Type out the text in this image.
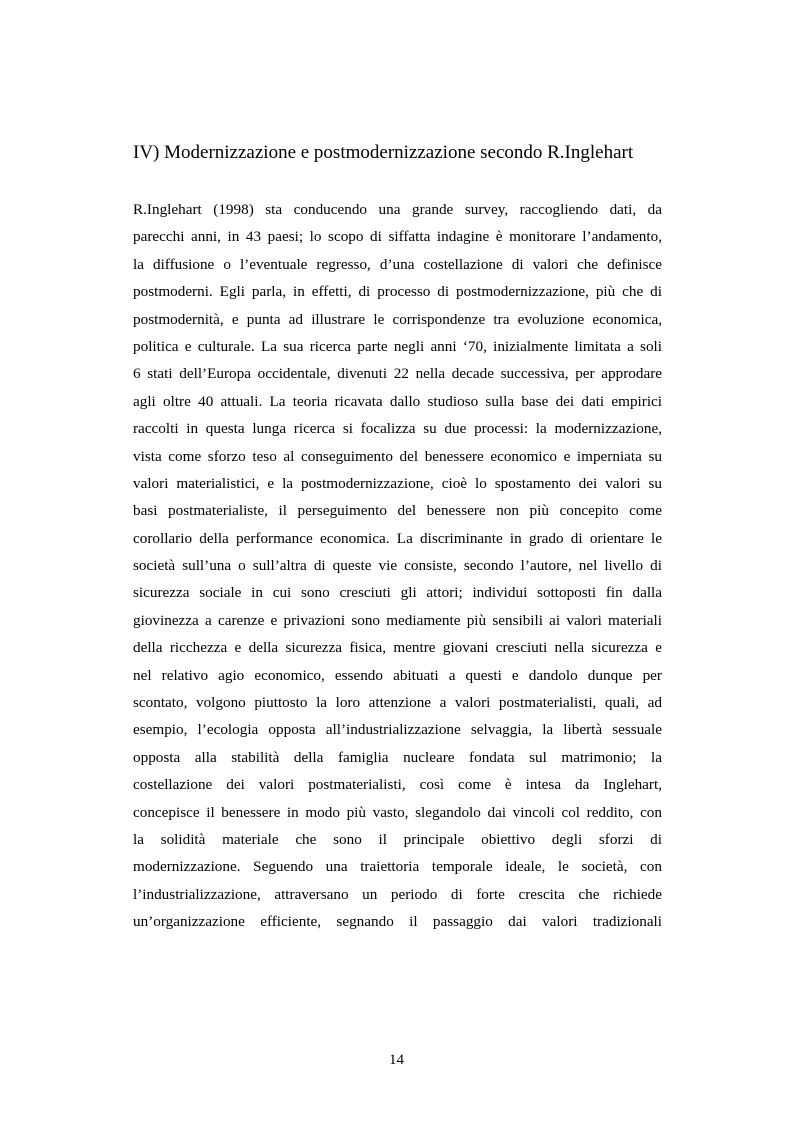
IV) Modernizzazione e postmodernizzazione secondo R.Inglehart
R.Inglehart (1998) sta conducendo una grande survey, raccogliendo dati, da
parecchi anni, in 43 paesi; lo scopo di siffatta indagine è monitorare l’andamento,
la diffusione o l’eventuale regresso, d’una costellazione di valori che definisce
postmoderni. Egli parla, in effetti, di processo di postmodernizzazione, più che di
postmodernità, e punta ad illustrare le corrispondenze tra evoluzione economica,
politica e culturale. La sua ricerca parte negli anni ‘70, inizialmente limitata a soli
6 stati dell’Europa occidentale, divenuti 22 nella decade successiva, per approdare
agli oltre 40 attuali. La teoria ricavata dallo studioso sulla base dei dati empirici
raccolti in questa lunga ricerca si focalizza su due processi: la modernizzazione,
vista come sforzo teso al conseguimento del benessere economico e imperniata su
valori materialistici, e la postmodernizzazione, cioè lo spostamento dei valori su
basi postmaterialiste, il perseguimento del benessere non più concepito come
corollario della performance economica. La discriminante in grado di orientare le
società sull’una o sull’altra di queste vie consiste, secondo l’autore, nel livello di
sicurezza sociale in cui sono cresciuti gli attori; individui sottoposti fin dalla
giovinezza a carenze e privazioni sono mediamente più sensibili ai valori materiali
della ricchezza e della sicurezza fisica, mentre giovani cresciuti nella sicurezza e
nel relativo agio economico, essendo abituati a questi e dandolo dunque per
scontato, volgono piuttosto la loro attenzione a valori postmaterialisti, quali, ad
esempio, l’ecologia opposta all’industrializzazione selvaggia, la libertà sessuale
opposta alla stabilità della famiglia nucleare fondata sul matrimonio; la
costellazione dei valori postmaterialisti, così come è intesa da Inglehart,
concepisce il benessere in modo più vasto, slegandolo dai vincoli col reddito, con
la solidità materiale che sono il principale obiettivo degli sforzi di
modernizzazione. Seguendo una traiettoria temporale ideale, le società, con
l’industrializzazione, attraversano un periodo di forte crescita che richiede
un’organizzazione efficiente, segnando il passaggio dai valori tradizionali
14
